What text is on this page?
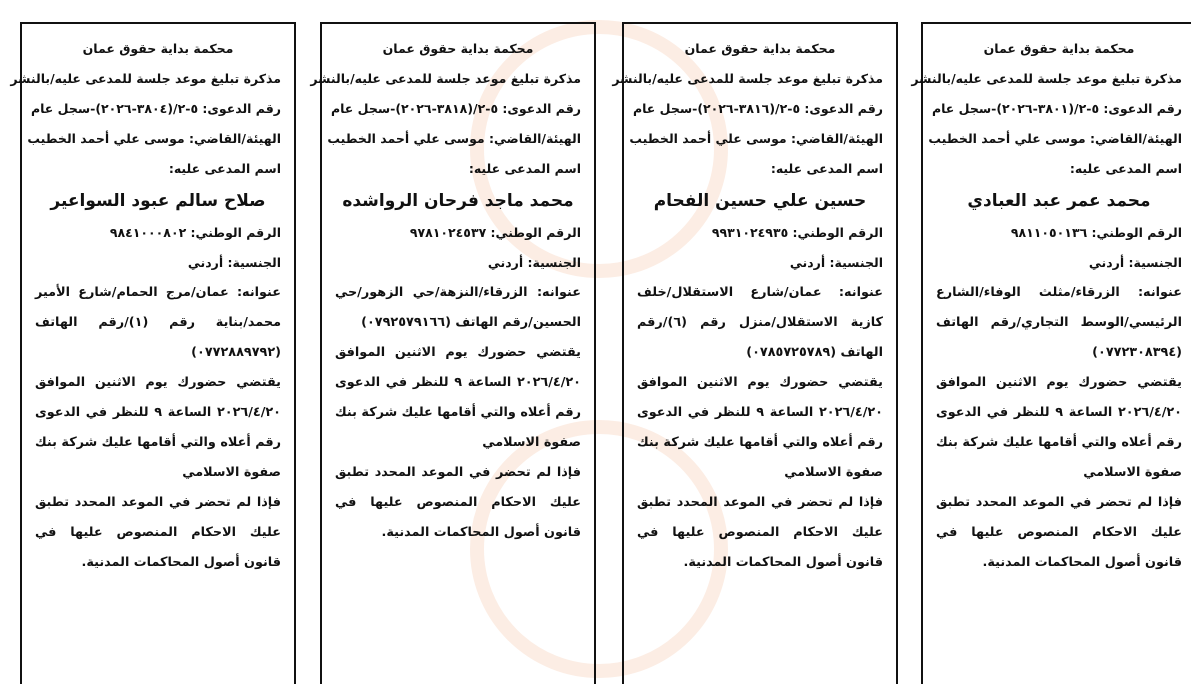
محكمة بداية حقوق عمان
مذكرة تبليغ موعد جلسة للمدعى عليه/بالنشر
رقم الدعوى: ٥-٢/(٣٨٠١-٢٠٢٦)-سجل عام
الهيئة/القاضي: موسى علي أحمد الخطيب
اسم المدعى عليه:
محمد عمر عبد العبادي
الرقم الوطني: ٩٨١١٠٥٠١٣٦
الجنسية: أردني
عنوانه: الزرقاء/مثلث الوفاء/الشارع الرئيسي/الوسط التجاري/رقم الهاتف (٠٧٧٢٣٠٨٣٩٤)
يقتضي حضورك يوم الاثنين الموافق ٢٠٢٦/٤/٢٠ الساعة ٩ للنظر في الدعوى رقم أعلاه والتي أقامها عليك شركة بنك صفوة الاسلامي
فإذا لم تحضر في الموعد المحدد تطبق عليك الاحكام المنصوص عليها في قانون أصول المحاكمات المدنية.
محكمة بداية حقوق عمان
مذكرة تبليغ موعد جلسة للمدعى عليه/بالنشر
رقم الدعوى: ٥-٢/(٣٨١٦-٢٠٢٦)-سجل عام
الهيئة/القاضي: موسى علي أحمد الخطيب
اسم المدعى عليه:
حسين علي حسين الفحام
الرقم الوطني: ٩٩٣١٠٢٤٩٣٥
الجنسية: أردني
عنوانه: عمان/شارع الاستقلال/خلف كازية الاستقلال/منزل رقم (٦)/رقم الهاتف (٠٧٨٥٧٢٥٧٨٩)
يقتضي حضورك يوم الاثنين الموافق ٢٠٢٦/٤/٢٠ الساعة ٩ للنظر في الدعوى رقم أعلاه والتي أقامها عليك شركة بنك صفوة الاسلامي
فإذا لم تحضر في الموعد المحدد تطبق عليك الاحكام المنصوص عليها في قانون أصول المحاكمات المدنية.
محكمة بداية حقوق عمان
مذكرة تبليغ موعد جلسة للمدعى عليه/بالنشر
رقم الدعوى: ٥-٢/(٣٨١٨-٢٠٢٦)-سجل عام
الهيئة/القاضي: موسى علي أحمد الخطيب
اسم المدعى عليه:
محمد ماجد فرحان الرواشده
الرقم الوطني: ٩٧٨١٠٢٤٥٣٧
الجنسية: أردني
عنوانه: الزرقاء/النزهة/حي الزهور/حي الحسين/رقم الهاتف (٠٧٩٢٥٧٩١٦٦)
يقتضي حضورك يوم الاثنين الموافق ٢٠٢٦/٤/٢٠ الساعة ٩ للنظر في الدعوى رقم أعلاه والتي أقامها عليك شركة بنك صفوة الاسلامي
فإذا لم تحضر في الموعد المحدد تطبق عليك الاحكام المنصوص عليها في قانون أصول المحاكمات المدنية.
محكمة بداية حقوق عمان
مذكرة تبليغ موعد جلسة للمدعى عليه/بالنشر
رقم الدعوى: ٥-٢/(٣٨٠٤-٢٠٢٦)-سجل عام
الهيئة/القاضي: موسى علي أحمد الخطيب
اسم المدعى عليه:
صلاح سالم عبود السواعير
الرقم الوطني: ٩٨٤١٠٠٠٨٠٢
الجنسية: أردني
عنوانه: عمان/مرج الحمام/شارع الأمير محمد/بناية رقم (١)/رقم الهاتف (٠٧٧٢٨٨٩٧٩٢)
يقتضي حضورك يوم الاثنين الموافق ٢٠٢٦/٤/٢٠ الساعة ٩ للنظر في الدعوى رقم أعلاه والتي أقامها عليك شركة بنك صفوة الاسلامي
فإذا لم تحضر في الموعد المحدد تطبق عليك الاحكام المنصوص عليها في قانون أصول المحاكمات المدنية.
